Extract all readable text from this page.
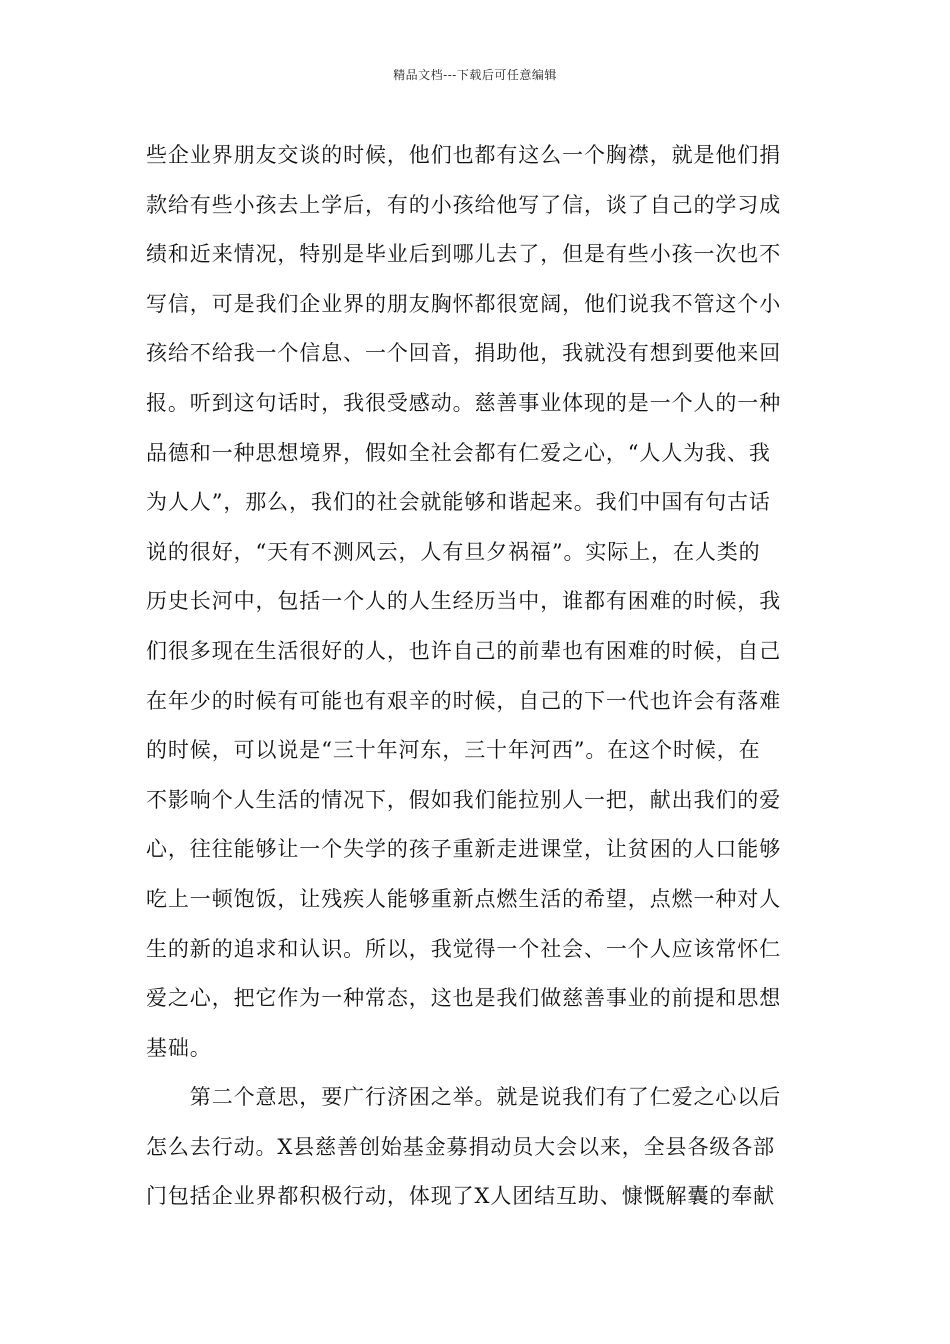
精品文档---下载后可任意编辑
些企业界朋友交谈的时候，他们也都有这么一个胸襟，就是他们捐
款给有些小孩去上学后，有的小孩给他写了信，谈了自己的学习成
绩和近来情况，特别是毕业后到哪儿去了，但是有些小孩一次也不
写信，可是我们企业界的朋友胸怀都很宽阔，他们说我不管这个小
孩给不给我一个信息、一个回音，捐助他，我就没有想到要他来回
报。听到这句话时，我很受感动。慈善事业体现的是一个人的一种
品德和一种思想境界，假如全社会都有仁爱之心，“人人为我、我
为人人”，那么，我们的社会就能够和谐起来。我们中国有句古话
说的很好，“天有不测风云，人有旦夕祸福”。实际上，在人类的
历史长河中，包括一个人的人生经历当中，谁都有困难的时候，我
们很多现在生活很好的人，也许自己的前辈也有困难的时候，自己
在年少的时候有可能也有艰辛的时候，自己的下一代也许会有落难
的时候，可以说是“三十年河东，三十年河西”。在这个时候，在
不影响个人生活的情况下，假如我们能拉别人一把，献出我们的爱
心，往往能够让一个失学的孩子重新走进课堂，让贫困的人口能够
吃上一顿饱饭，让残疾人能够重新点燃生活的希望，点燃一种对人
生的新的追求和认识。所以，我觉得一个社会、一个人应该常怀仁
爱之心，把它作为一种常态，这也是我们做慈善事业的前提和思想
基础。
　　第二个意思，要广行济困之举。就是说我们有了仁爱之心以后
怎么去行动。X县慈善创始基金募捐动员大会以来，全县各级各部
门包括企业界都积极行动，体现了X人团结互助、慷慨解囊的奉献
